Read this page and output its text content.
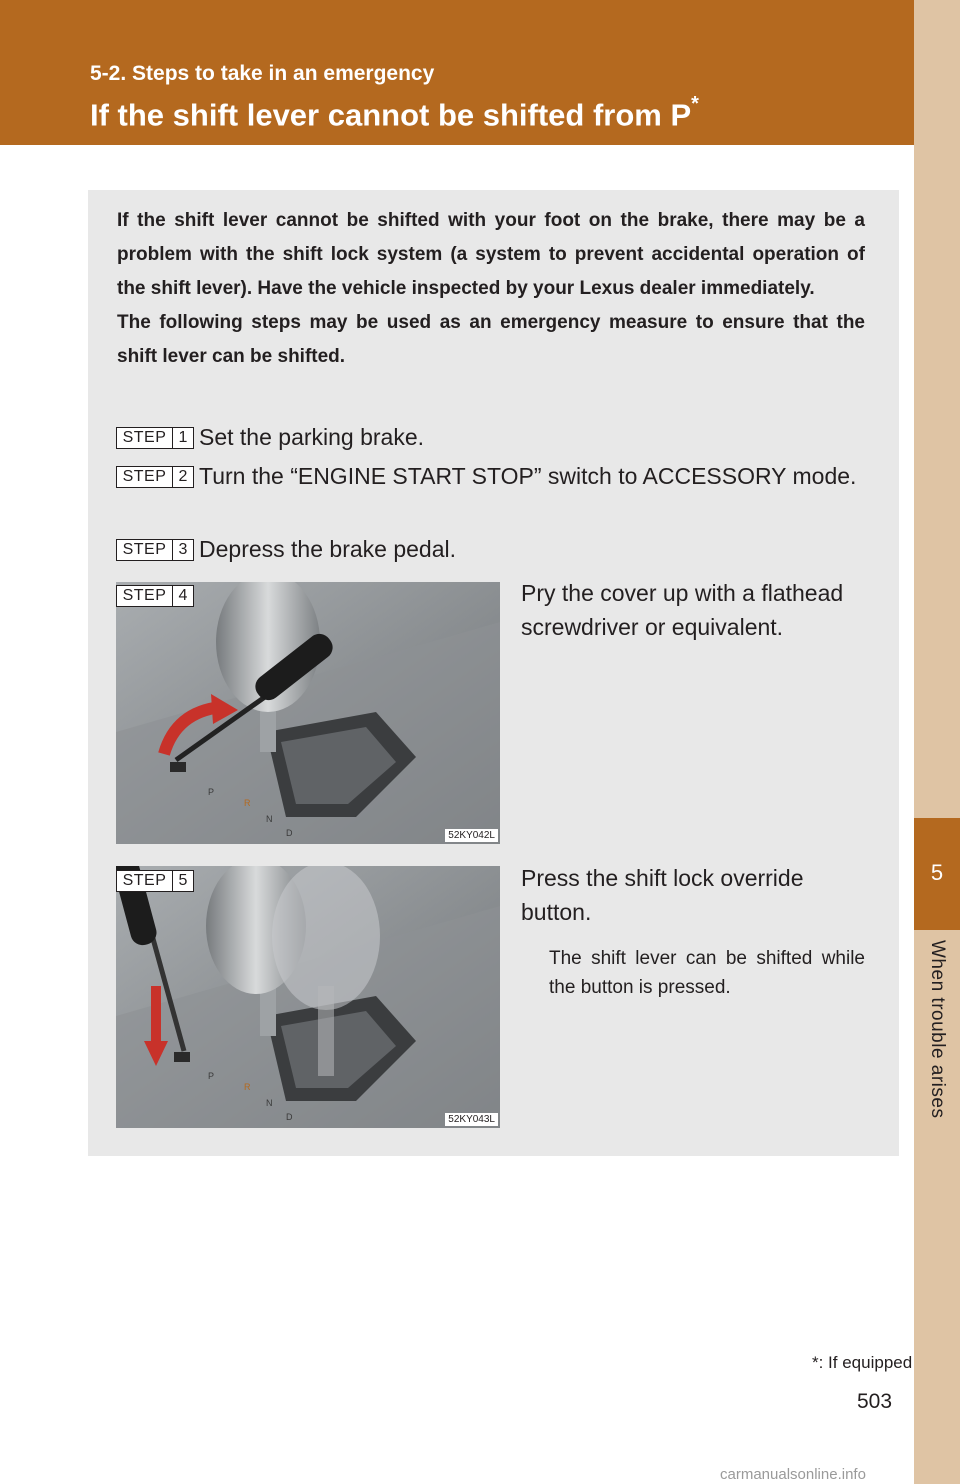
5-2. Steps to take in an emergency
If the shift lever cannot be shifted from P*
5
When trouble arises
If the shift lever cannot be shifted with your foot on the brake, there may be a problem with the shift lock system (a system to prevent accidental operation of the shift lever). Have the vehicle inspected by your Lexus dealer immediately.
The following steps may be used as an emergency measure to ensure that the shift lever can be shifted.
STEP 1 Set the parking brake.
STEP 2 Turn the “ENGINE START STOP” switch to ACCESSORY mode.
STEP 3 Depress the brake pedal.
P
R
N
D	52KY042L
STEP 4	Pry the cover up with a flathead screwdriver or equivalent.
P
R
N
D	52KY043L
STEP 5	Press the shift lock override button.
The shift lever can be shifted while the button is pressed.
*: If equipped
503
carmanualsonline.info
